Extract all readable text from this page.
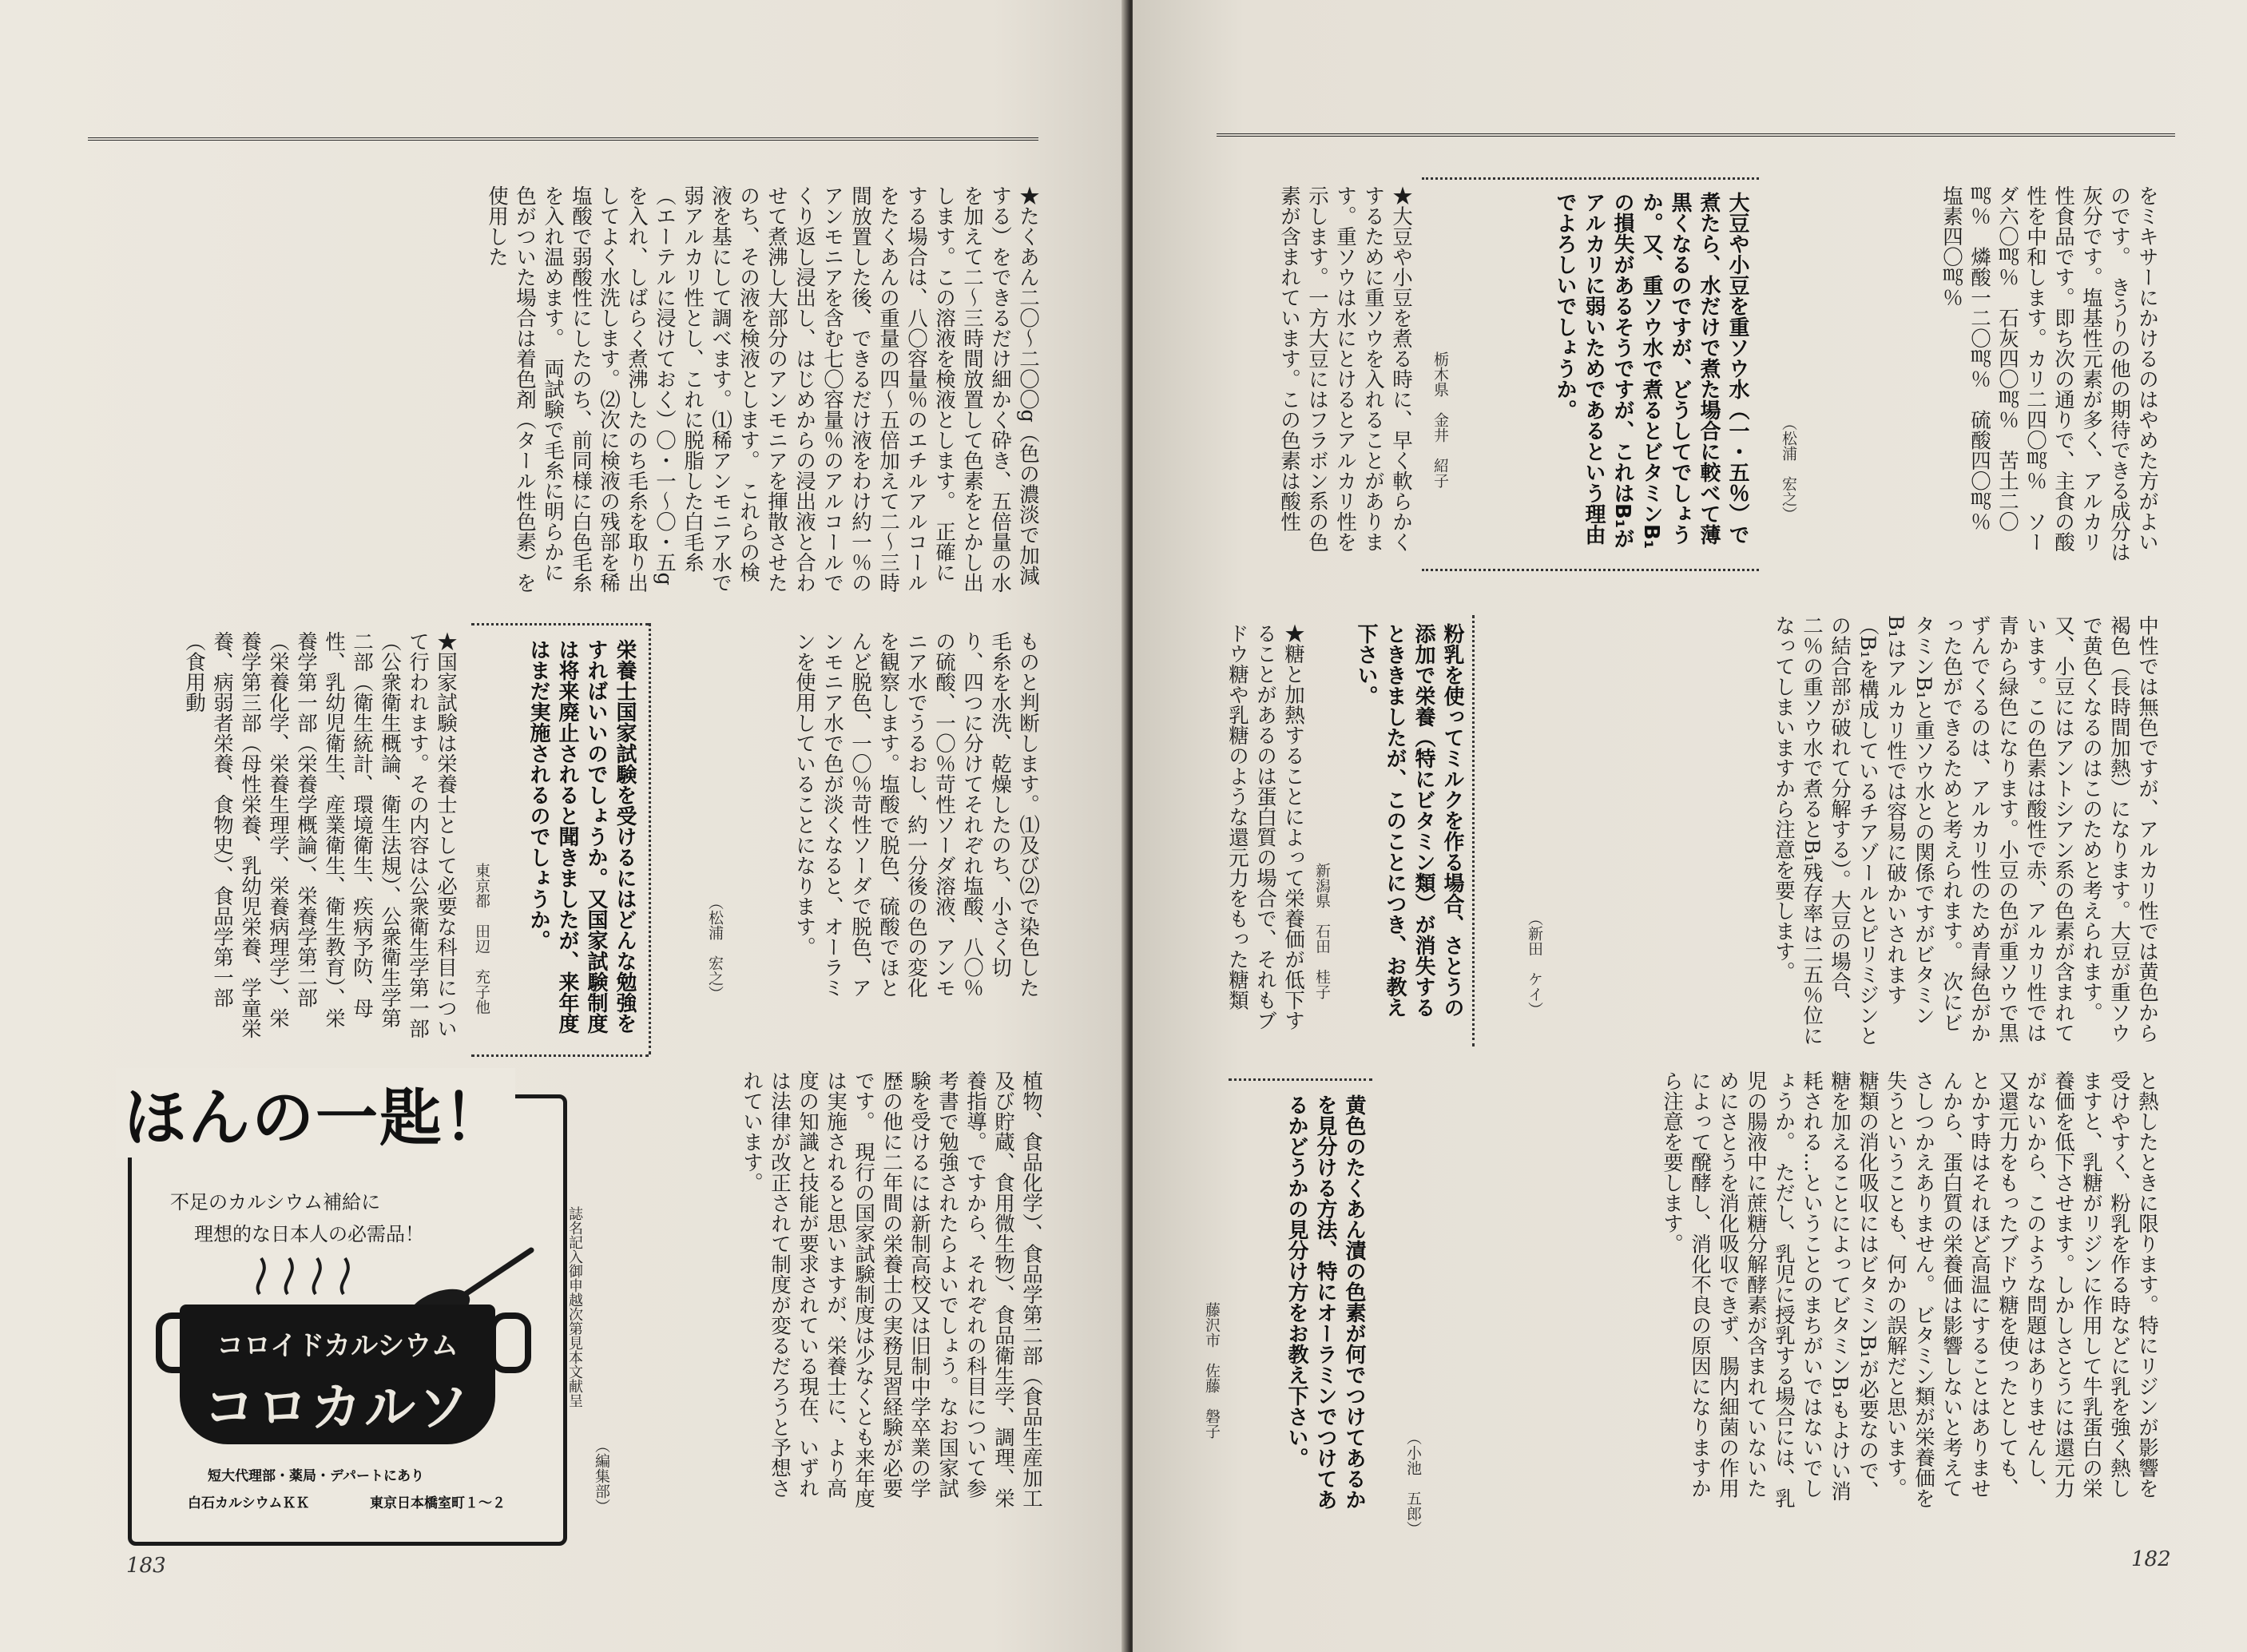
★たくあん二〇〜二〇〇g（色の濃淡で加減する）をできるだけ細かく砕き、五倍量の水を加えて二〜三時間放置して色素をとかし出します。この溶液を検液とします。　正確にする場合は、八〇容量％のエチルアルコールをたくあんの重量の四〜五倍加えて二〜三時間放置した後、できるだけ液をわけ約一％のアンモニアを含む七〇容量％のアルコールでくり返し浸出し、はじめからの浸出液と合わせて煮沸し大部分のアンモニアを揮散させたのち、その液を検液とします。　これらの検液を基にして調べます。⑴稀アンモニア水で弱アルカリ性とし、これに脱脂した白毛糸（エーテルに浸けておく）〇・一〜〇・五gを入れ、しばらく煮沸したのち毛糸を取り出してよく水洗します。⑵次に検液の残部を稀塩酸で弱酸性にしたのち、前同様に白色毛糸を入れ温めます。　両試験で毛糸に明らかに色がついた場合は着色剤（タール性色素）を使用した
ものと判断します。⑴及び⑵で染色した毛糸を水洗、乾燥したのち、小さく切り、四つに分けてそれぞれ塩酸、八〇％の硫酸、一〇％苛性ソーダ溶液、アンモニア水でうるおし、約一分後の色の変化を観察します。塩酸で脱色、硫酸でほとんど脱色、一〇％苛性ソーダで脱色、アンモニア水で色が淡くなると、オーラミンを使用していることになります。
（松浦　宏之）
栄養士国家試験を受けるにはどんな勉強をすればいいのでしょうか。又国家試験制度は将来廃止されると聞きましたが、来年度はまだ実施されるのでしょうか。
東京都　田辺　充子他
★国家試験は栄養士として必要な科目について行われます。その内容は公衆衛生学第一部（公衆衛生概論、衛生法規）、公衆衛生学第二部（衛生統計、環境衛生、疾病予防、母性、乳幼児衛生、産業衛生、衛生教育）、栄養学第一部（栄養学概論）、栄養学第二部（栄養化学、栄養生理学、栄養病理学）、栄養学第三部（母性栄養、乳幼児栄養、学童栄養、病弱者栄養、食物史）、食品学第一部（食用動
植物、食品化学）、食品学第二部（食品生産加工及び貯蔵、食用微生物）、食品衛生学、調理、栄養指導。ですから、それぞれの科目について参考書で勉強されたらよいでしょう。なお国家試験を受けるには新制高校又は旧制中学卒業の学歴の他に二年間の栄養士の実務見習経験が必要です。　現行の国家試験制度は少なくとも来年度は実施されると思いますが、栄養士に、より高度の知識と技能が要求されている現在、いずれは法律が改正されて制度が変るだろうと予想されています。
（編集部）
ほんの一匙！
不足のカルシウム補給に
理想的な日本人の必需品！
コロイドカルシウム
コロカルソ
短大代理部・薬局・デパートにあり
白石カルシウムＫＫ	東京日本橋室町１〜２
誌名記入御申越次第見本文献呈
183
をミキサーにかけるのはやめた方がよいのです。　きうりの他の期待できる成分は灰分です。塩基性元素が多く、アルカリ性食品です。即ち次の通りで、主食の酸性を中和します。カリ二四〇㎎％　ソーダ六〇㎎％　石灰四〇㎎％　苦土二〇㎎％　燐酸一二〇㎎％　硫酸四〇㎎％　塩素四〇㎎％
（松浦　宏之）
大豆や小豆を重ソウ水（一・五％）で煮たら、水だけで煮た場合に較べて薄黒くなるのですが、どうしてでしょうか。又、重ソウ水で煮るとビタミンB₁の損失があるそうですが、これはB₁がアルカリに弱いためであるという理由でよろしいでしょうか。
栃木県　金井　紹子
★大豆や小豆を煮る時に、早く軟らかくするために重ソウを入れることがあります。重ソウは水にとけるとアルカリ性を示します。一方大豆にはフラボン系の色素が含まれています。この色素は酸性
中性では無色ですが、アルカリ性では黄色から褐色（長時間加熱）になります。大豆が重ソウで黄色くなるのはこのためと考えられます。又、小豆にはアントシアン系の色素が含まれています。この色素は酸性で赤、アルカリ性では青から緑色になります。小豆の色が重ソウで黒ずんでくるのは、アルカリ性のため青緑色がかった色ができるためと考えられます。　次にビタミンB₁と重ソウ水との関係ですがビタミンB₁はアルカリ性では容易に破かいされます（B₁を構成しているチアゾールとピリミジンとの結合部が破れて分解する）。大豆の場合、二％の重ソウ水で煮るとB₁残存率は二五％位になってしまいますから注意を要します。
（新田　ケイ）
粉乳を使ってミルクを作る場合、さとうの添加で栄養（特にビタミン類）が消失するとききましたが、このことにつき、お教え下さい。
新潟県　石田　桂子
★糖と加熱することによって栄養価が低下することがあるのは蛋白質の場合で、それもブドウ糖や乳糖のような還元力をもった糖類
と熱したときに限ります。特にリジンが影響を受けやすく、粉乳を作る時などに乳を強く熱しますと、乳糖がリジンに作用して牛乳蛋白の栄養価を低下させます。しかしさとうには還元力がないから、このような問題はありませんし、又還元力をもったブドウ糖を使ったとしても、とかす時はそれほど高温にすることはありませんから、蛋白質の栄養価は影響しないと考えてさしつかえありません。　ビタミン類が栄養価を失うということも、何かの誤解だと思います。糖類の消化吸収にはビタミンB₁が必要なので、糖を加えることによってビタミンB₁もよけい消耗される…ということのまちがいではないでしょうか。　ただし、乳児に授乳する場合には、乳児の腸液中に蔗糖分解酵素が含まれていないためにさとうを消化吸収できず、腸内細菌の作用によって醗酵し、消化不良の原因になりますから注意を要します。
（小池　五郎）
黄色のたくあん漬の色素が何でつけてあるかを見分ける方法、特にオーラミンでつけてあるかどうかの見分け方をお教え下さい。
藤沢市　佐藤　磐子
182
